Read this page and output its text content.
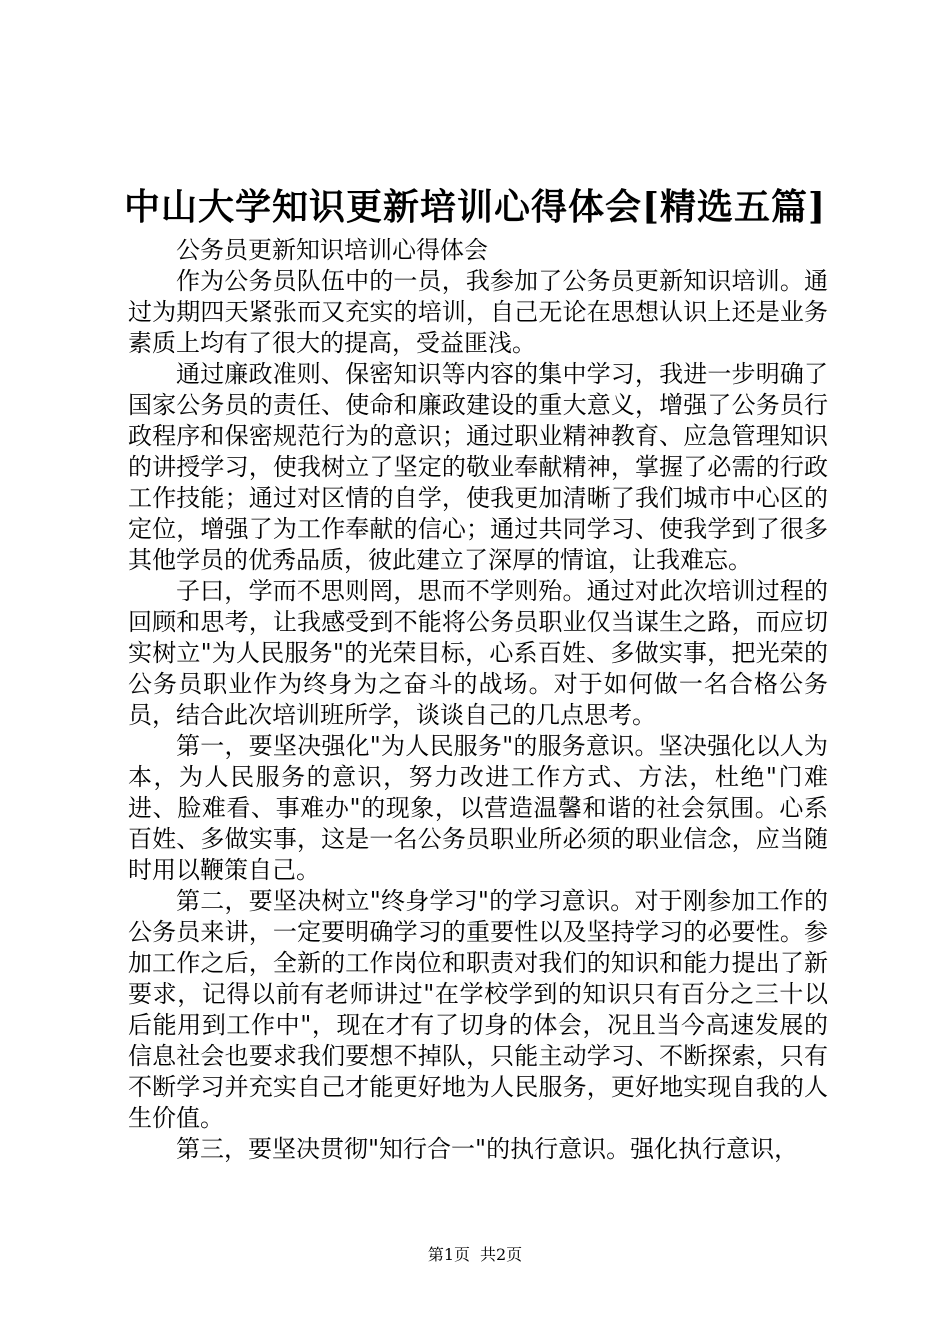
中山大学知识更新培训心得体会[精选五篇]

公务员更新知识培训心得体会

作为公务员队伍中的一员，我参加了公务员更新知识培训。通过为期四天紧张而又充实的培训，自己无论在思想认识上还是业务素质上均有了很大的提高，受益匪浅。

通过廉政准则、保密知识等内容的集中学习，我进一步明确了国家公务员的责任、使命和廉政建设的重大意义，增强了公务员行政程序和保密规范行为的意识；通过职业精神教育、应急管理知识的讲授学习，使我树立了坚定的敬业奉献精神，掌握了必需的行政工作技能；通过对区情的自学，使我更加清晰了我们城市中心区的定位，增强了为工作奉献的信心；通过共同学习、使我学到了很多其他学员的优秀品质，彼此建立了深厚的情谊，让我难忘。

子曰，学而不思则罔，思而不学则殆。通过对此次培训过程的回顾和思考，让我感受到不能将公务员职业仅当谋生之路，而应切实树立"为人民服务"的光荣目标，心系百姓、多做实事，把光荣的公务员职业作为终身为之奋斗的战场。对于如何做一名合格公务员，结合此次培训班所学，谈谈自己的几点思考。

第一，要坚决强化"为人民服务"的服务意识。坚决强化以人为本，为人民服务的意识，努力改进工作方式、方法，杜绝"门难进、脸难看、事难办"的现象，以营造温馨和谐的社会氛围。心系百姓、多做实事，这是一名公务员职业所必须的职业信念，应当随时用以鞭策自己。

第二，要坚决树立"终身学习"的学习意识。对于刚参加工作的公务员来讲，一定要明确学习的重要性以及坚持学习的必要性。参加工作之后，全新的工作岗位和职责对我们的知识和能力提出了新要求，记得以前有老师讲过"在学校学到的知识只有百分之三十以后能用到工作中"，现在才有了切身的体会，况且当今高速发展的信息社会也要求我们要想不掉队，只能主动学习、不断探索，只有不断学习并充实自己才能更好地为人民服务，更好地实现自我的人生价值。

第三，要坚决贯彻"知行合一"的执行意识。强化执行意识，

第1页 共2页
